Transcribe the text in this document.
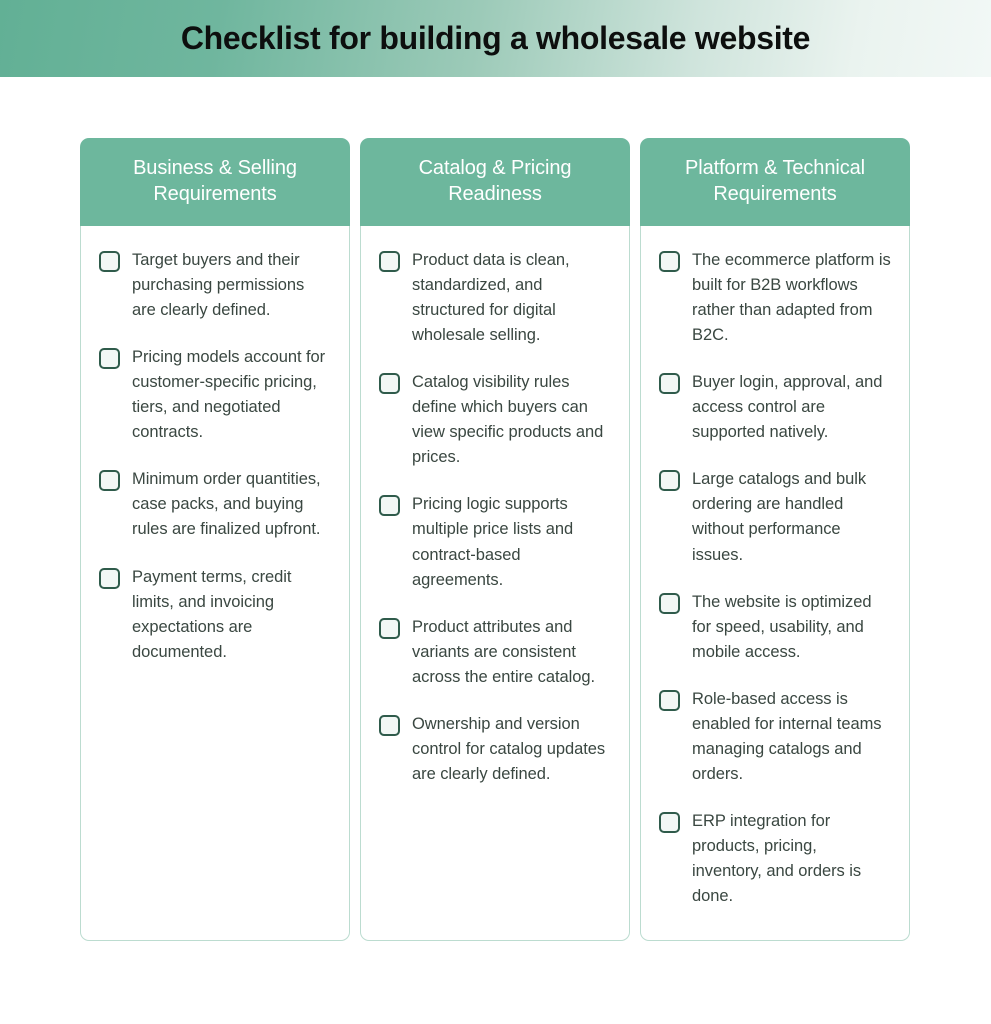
Checklist for building a wholesale website
Business & Selling Requirements
Target buyers and their purchasing permissions are clearly defined.
Pricing models account for customer-specific pricing, tiers, and negotiated contracts.
Minimum order quantities, case packs, and buying rules are finalized upfront.
Payment terms, credit limits, and invoicing expectations are documented.
Catalog & Pricing Readiness
Product data is clean, standardized, and structured for digital wholesale selling.
Catalog visibility rules define which buyers can view specific products and prices.
Pricing logic supports multiple price lists and contract-based agreements.
Product attributes and variants are consistent across the entire catalog.
Ownership and version control for catalog updates are clearly defined.
Platform & Technical Requirements
The ecommerce platform is built for B2B workflows rather than adapted from B2C.
Buyer login, approval, and access control are supported natively.
Large catalogs and bulk ordering are handled without performance issues.
The website is optimized for speed, usability, and mobile access.
Role-based access is enabled for internal teams managing catalogs and orders.
ERP integration for products, pricing, inventory, and orders is done.
